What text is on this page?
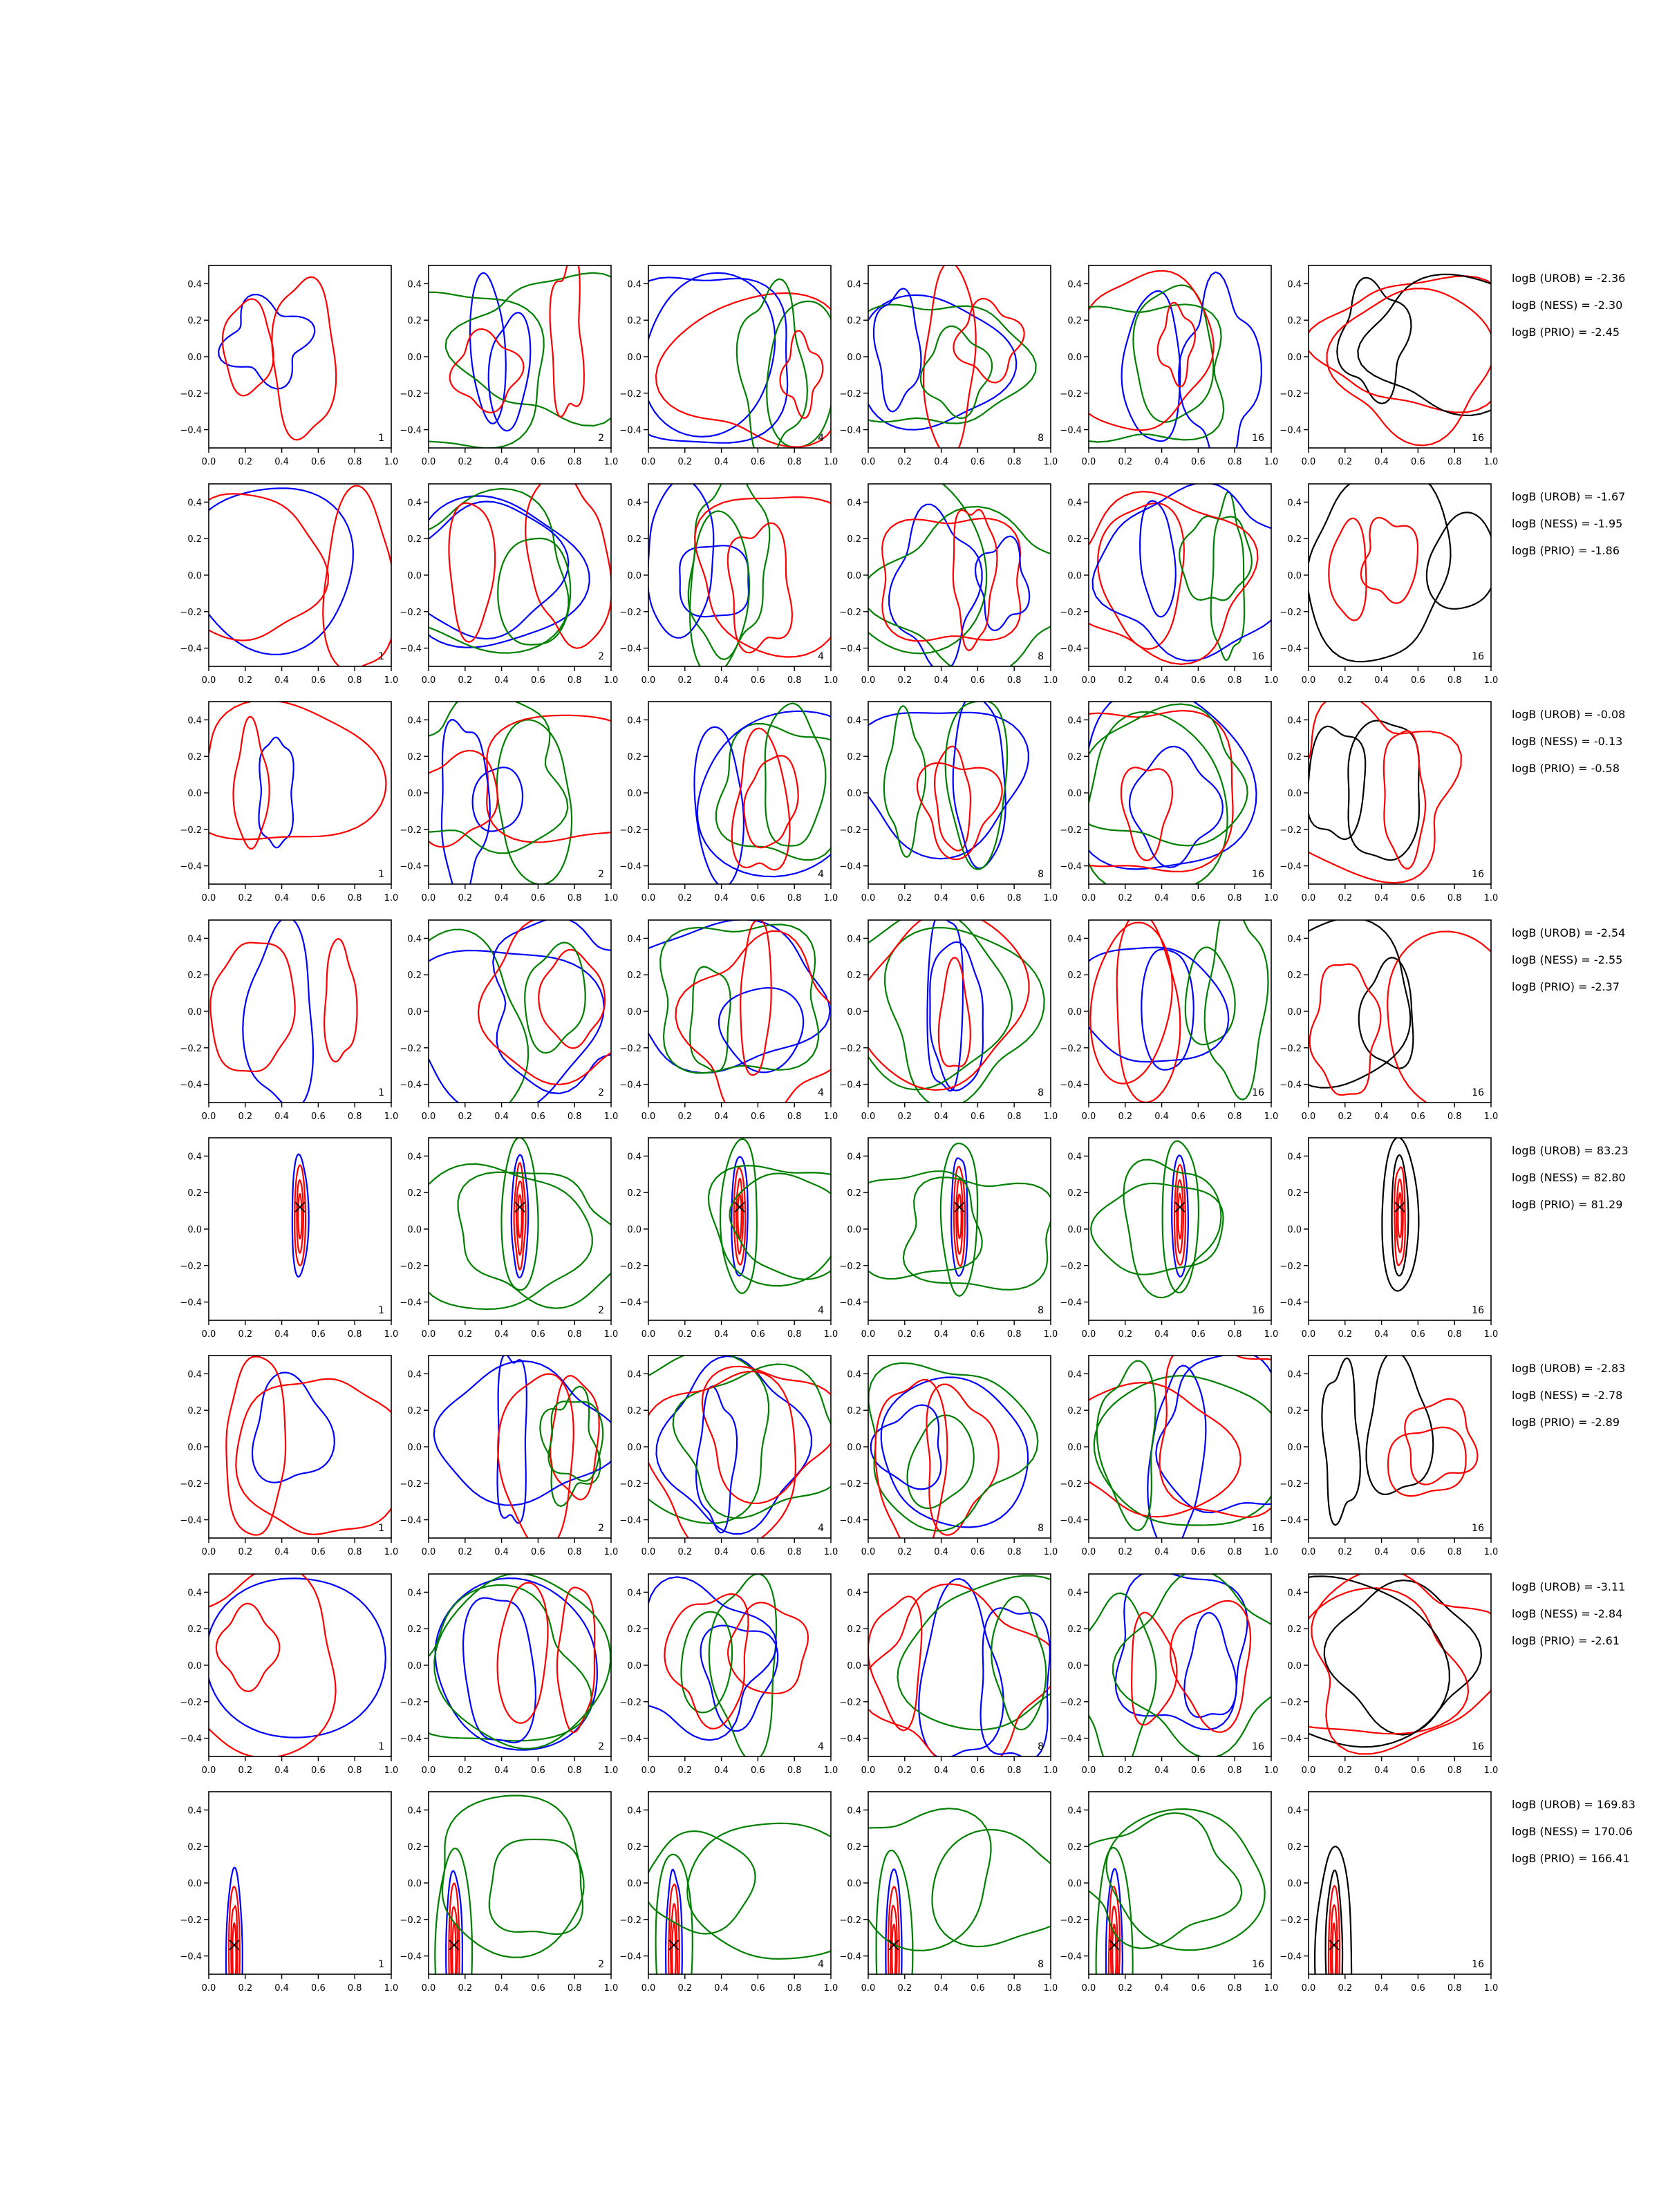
0.0 0.2 0.4 0.6 0.8 1.0
0.4
0.2
0.0
−0.2
−0.4
1
0.0 0.2 0.4 0.6 0.8 1.0
0.4
0.2
0.0
−0.2
−0.4
2
0.0 0.2 0.4 0.6 0.8 1.0
0.4
0.2
0.0
−0.2
−0.4
4
0.0 0.2 0.4 0.6 0.8 1.0
0.4
0.2
0.0
−0.2
−0.4
8
0.0 0.2 0.4 0.6 0.8 1.0
0.4
0.2
0.0
−0.2
−0.4
16
0.0 0.2 0.4 0.6 0.8 1.0
0.4
0.2
0.0
−0.2
−0.4
16
logB (UROB) = -2.36
logB (NESS) = -2.30
logB (PRIO) = -2.45
0.0 0.2 0.4 0.6 0.8 1.0
0.4
0.2
0.0
−0.2
−0.4
1
0.0 0.2 0.4 0.6 0.8 1.0
0.4
0.2
0.0
−0.2
−0.4
2
0.0 0.2 0.4 0.6 0.8 1.0
0.4
0.2
0.0
−0.2
−0.4
4
0.0 0.2 0.4 0.6 0.8 1.0
0.4
0.2
0.0
−0.2
−0.4
8
0.0 0.2 0.4 0.6 0.8 1.0
0.4
0.2
0.0
−0.2
−0.4
16
0.0 0.2 0.4 0.6 0.8 1.0
0.4
0.2
0.0
−0.2
−0.4
16
logB (UROB) = -1.67
logB (NESS) = -1.95
logB (PRIO) = -1.86
0.0 0.2 0.4 0.6 0.8 1.0
0.4
0.2
0.0
−0.2
−0.4
1
0.0 0.2 0.4 0.6 0.8 1.0
0.4
0.2
0.0
−0.2
−0.4
2
0.0 0.2 0.4 0.6 0.8 1.0
0.4
0.2
0.0
−0.2
−0.4
4
0.0 0.2 0.4 0.6 0.8 1.0
0.4
0.2
0.0
−0.2
−0.4
8
0.0 0.2 0.4 0.6 0.8 1.0
0.4
0.2
0.0
−0.2
−0.4
16
0.0 0.2 0.4 0.6 0.8 1.0
0.4
0.2
0.0
−0.2
−0.4
16
logB (UROB) = -0.08
logB (NESS) = -0.13
logB (PRIO) = -0.58
0.0 0.2 0.4 0.6 0.8 1.0
0.4
0.2
0.0
−0.2
−0.4
1
0.0 0.2 0.4 0.6 0.8 1.0
0.4
0.2
0.0
−0.2
−0.4
2
0.0 0.2 0.4 0.6 0.8 1.0
0.4
0.2
0.0
−0.2
−0.4
4
0.0 0.2 0.4 0.6 0.8 1.0
0.4
0.2
0.0
−0.2
−0.4
8
0.0 0.2 0.4 0.6 0.8 1.0
0.4
0.2
0.0
−0.2
−0.4
16
0.0 0.2 0.4 0.6 0.8 1.0
0.4
0.2
0.0
−0.2
−0.4
16
logB (UROB) = -2.54
logB (NESS) = -2.55
logB (PRIO) = -2.37
0.0 0.2 0.4 0.6 0.8 1.0
0.4
0.2
0.0
−0.2
−0.4
1
0.0 0.2 0.4 0.6 0.8 1.0
0.4
0.2
0.0
−0.2
−0.4
2
0.0 0.2 0.4 0.6 0.8 1.0
0.4
0.2
0.0
−0.2
−0.4
4
0.0 0.2 0.4 0.6 0.8 1.0
0.4
0.2
0.0
−0.2
−0.4
8
0.0 0.2 0.4 0.6 0.8 1.0
0.4
0.2
0.0
−0.2
−0.4
16
0.0 0.2 0.4 0.6 0.8 1.0
0.4
0.2
0.0
−0.2
−0.4
16
logB (UROB) = 83.23
logB (NESS) = 82.80
logB (PRIO) = 81.29
0.0 0.2 0.4 0.6 0.8 1.0
0.4
0.2
0.0
−0.2
−0.4
1
0.0 0.2 0.4 0.6 0.8 1.0
0.4
0.2
0.0
−0.2
−0.4
2
0.0 0.2 0.4 0.6 0.8 1.0
0.4
0.2
0.0
−0.2
−0.4
4
0.0 0.2 0.4 0.6 0.8 1.0
0.4
0.2
0.0
−0.2
−0.4
8
0.0 0.2 0.4 0.6 0.8 1.0
0.4
0.2
0.0
−0.2
−0.4
16
0.0 0.2 0.4 0.6 0.8 1.0
0.4
0.2
0.0
−0.2
−0.4
16
logB (UROB) = -2.83
logB (NESS) = -2.78
logB (PRIO) = -2.89
0.0 0.2 0.4 0.6 0.8 1.0
0.4
0.2
0.0
−0.2
−0.4
1
0.0 0.2 0.4 0.6 0.8 1.0
0.4
0.2
0.0
−0.2
−0.4
2
0.0 0.2 0.4 0.6 0.8 1.0
0.4
0.2
0.0
−0.2
−0.4
4
0.0 0.2 0.4 0.6 0.8 1.0
0.4
0.2
0.0
−0.2
−0.4
8
0.0 0.2 0.4 0.6 0.8 1.0
0.4
0.2
0.0
−0.2
−0.4
16
0.0 0.2 0.4 0.6 0.8 1.0
0.4
0.2
0.0
−0.2
−0.4
16
logB (UROB) = -3.11
logB (NESS) = -2.84
logB (PRIO) = -2.61
0.0 0.2 0.4 0.6 0.8 1.0
0.4
0.2
0.0
−0.2
−0.4
1
0.0 0.2 0.4 0.6 0.8 1.0
0.4
0.2
0.0
−0.2
−0.4
2
0.0 0.2 0.4 0.6 0.8 1.0
0.4
0.2
0.0
−0.2
−0.4
4
0.0 0.2 0.4 0.6 0.8 1.0
0.4
0.2
0.0
−0.2
−0.4
8
0.0 0.2 0.4 0.6 0.8 1.0
0.4
0.2
0.0
−0.2
−0.4
16
0.0 0.2 0.4 0.6 0.8 1.0
0.4
0.2
0.0
−0.2
−0.4
16
logB (UROB) = 169.83
logB (NESS) = 170.06
logB (PRIO) = 166.41
